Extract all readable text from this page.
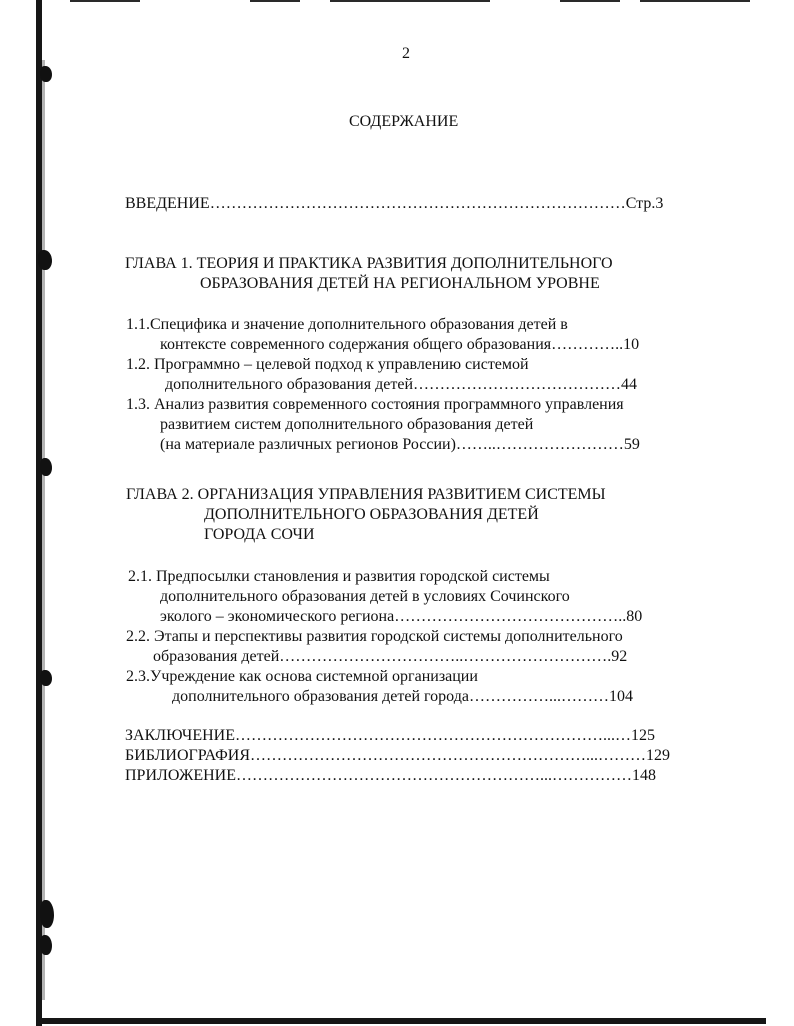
2
СОДЕРЖАНИЕ
ВВЕДЕНИЕ……………………………………………………………………Стр.3
ГЛАВА 1. ТЕОРИЯ И ПРАКТИКА РАЗВИТИЯ ДОПОЛНИТЕЛЬНОГО
ОБРАЗОВАНИЯ ДЕТЕЙ НА РЕГИОНАЛЬНОМ УРОВНЕ
1.1.Специфика и значение дополнительного образования детей в
контексте современного содержания общего образования…………..10
1.2. Программно – целевой подход к управлению системой
дополнительного образования детей…………………………………44
1.3. Анализ развития современного состояния программного управления
развитием систем дополнительного образования детей
(на материале различных регионов России)……..……………………59
ГЛАВА 2. ОРГАНИЗАЦИЯ УПРАВЛЕНИЯ РАЗВИТИЕМ СИСТЕМЫ
ДОПОЛНИТЕЛЬНОГО ОБРАЗОВАНИЯ ДЕТЕЙ
ГОРОДА СОЧИ
2.1. Предпосылки становления и развития городской системы
дополнительного образования детей в условиях Сочинского
эколого – экономического региона……………………………………..80
2.2. Этапы и перспективы развития городской системы дополнительного
образования детей……………………………..……………………….92
2.3.Учреждение как основа системной организации
дополнительного образования детей города……………...………104
ЗАКЛЮЧЕНИЕ……………………………………………………………...…125
БИБЛИОГРАФИЯ………………………………………………………...………129
ПРИЛОЖЕНИЕ…………………………………………………...……………148
